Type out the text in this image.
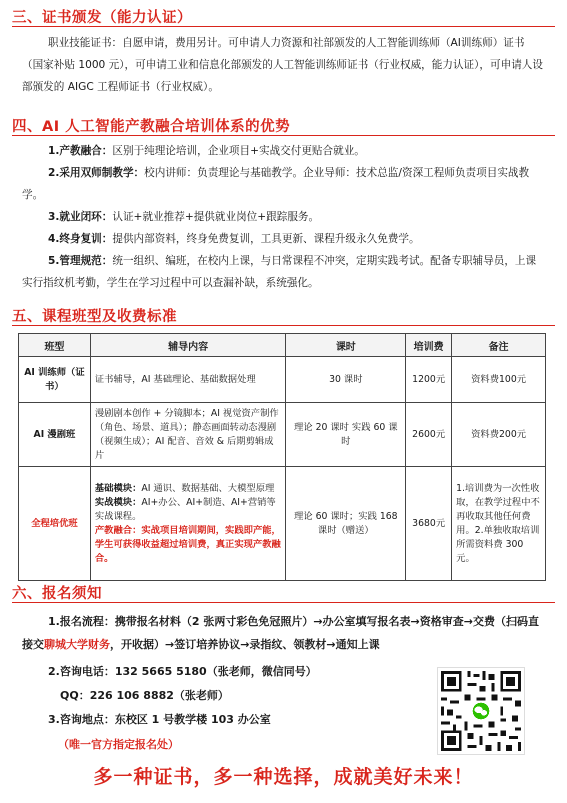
三、证书颁发（能力认证）
职业技能证书：自愿申请，费用另计。可申请人力资源和社部颁发的人工智能训练师（AI训练师）证书（国家补贴 1000 元），可申请工业和信息化部颁发的人工智能训练师证书（行业权威，能力认证），可申请人设部颁发的 AIGC 工程师证书（行业权威）。
四、AI 人工智能产教融合培训体系的优势
1.产教融合：区别于纯理论培训，企业项目+实战交付更贴合就业。
2.采用双师制教学：校内讲师：负责理论与基础教学。企业导师：技术总监/资深工程师负责项目实战教学。
3.就业闭环：认证+就业推荐+提供就业岗位+跟踪服务。
4.终身复训：提供内部资料，终身免费复训，工具更新、课程升级永久免费学。
5.管理规范：统一组织、编班，在校内上课，与日常课程不冲突，定期实践考试。配备专职辅导员，上课实行指纹机考勤，学生在学习过程中可以查漏补缺，系统强化。
五、课程班型及收费标准
班型	辅导内容	课时	培训费	备注
AI 训练师（证书）	证书辅导，AI 基础理论、基础数据处理	30 课时	1200元	资料费100元
AI 漫剧班	漫剧剧本创作 + 分镜脚本；AI 视觉资产制作（角色、场景、道具）；静态画面转动态漫剧（视频生成）；AI 配音、音效 & 后期剪辑成片	理论 20 课时 实践 60 课时	2600元	资料费200元
全程培优班	基础模块：AI 通识、数据基础、大模型原理
实战模块：AI+办公、AI+制造、AI+营销等实战课程。
产教融合：实战项目培训期间，实践即产能，学生可获得收益超过培训费，真正实现产教融合。	理论 60 课时；实践 168 课时（赠送）	3680元	1.培训费为一次性收取，在教学过程中不再收取其他任何费用。2.单独收取培训所需资料费 300元。
六、报名须知
1.报名流程：携带报名材料（2 张两寸彩色免冠照片）→办公室填写报名表→资格审查→交费（扫码直接交聊城大学财务，开收据）→签订培养协议→录指纹、领教材→通知上课
2.咨询电话：132 5665 5180（张老师，微信同号）
QQ：226 106 8882（张老师）
3.咨询地点：东校区 1 号教学楼 103 办公室
（唯一官方指定报名处）
多一种证书，多一种选择，成就美好未来！
